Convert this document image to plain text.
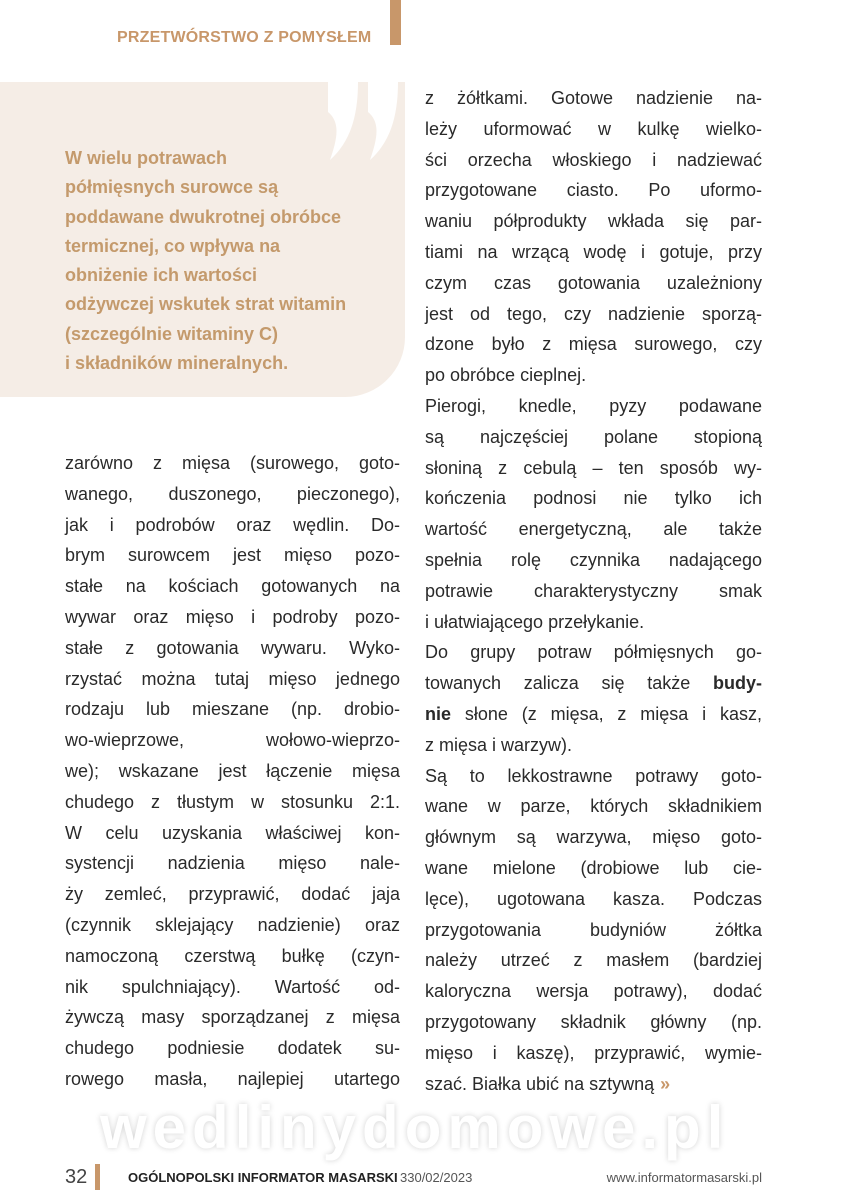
PRZETWÓRSTWO Z POMYSŁEM
W wielu potrawach
półmięsnych surowce są
poddawane dwukrotnej obróbce
termicznej, co wpływa na
obniżenie ich wartości
odżywczej wskutek strat witamin
(szczególnie witaminy C)
i składników mineralnych.
zarówno z mięsa (surowego, goto-
wanego, duszonego, pieczonego),
jak i podrobów oraz wędlin. Do-
brym surowcem jest mięso pozo-
stałe na kościach gotowanych na
wywar oraz mięso i podroby pozo-
stałe z gotowania wywaru. Wyko-
rzystać można tutaj mięso jednego
rodzaju lub mieszane (np. drobio-
wo-wieprzowe, wołowo-wieprzo-
we); wskazane jest łączenie mięsa
chudego z tłustym w stosunku 2:1.
W celu uzyskania właściwej kon-
systencji nadzienia mięso nale-
ży zemleć, przyprawić, dodać jaja
(czynnik sklejający nadzienie) oraz
namoczoną czerstwą bułkę (czyn-
nik spulchniający). Wartość od-
żywczą masy sporządzanej z mięsa
chudego podniesie dodatek su-
rowego masła, najlepiej utartego
z żółtkami. Gotowe nadzienie na-
leży uformować w kulkę wielko-
ści orzecha włoskiego i nadziewać
przygotowane ciasto. Po uformo-
waniu półprodukty wkłada się par-
tiami na wrzącą wodę i gotuje, przy
czym czas gotowania uzależniony
jest od tego, czy nadzienie sporzą-
dzone było z mięsa surowego, czy
po obróbce cieplnej.
Pierogi, knedle, pyzy podawane
są najczęściej polane stopioną
słoniną z cebulą – ten sposób wy-
kończenia podnosi nie tylko ich
wartość energetyczną, ale także
spełnia rolę czynnika nadającego
potrawie charakterystyczny smak
i ułatwiającego przełykanie.
Do grupy potraw półmięsnych go-
towanych zalicza się także budy-
nie słone (z mięsa, z mięsa i kasz,
z mięsa i warzyw).
Są to lekkostrawne potrawy goto-
wane w parze, których składnikiem
głównym są warzywa, mięso goto-
wane mielone (drobiowe lub cie-
lęce), ugotowana kasza. Podczas
przygotowania budyniów żółtka
należy utrzeć z masłem (bardziej
kaloryczna wersja potrawy), dodać
przygotowany składnik główny (np.
mięso i kaszę), przyprawić, wymie-
szać. Białka ubić na sztywną »
wedlinydomowe.pl
32	OGÓLNOPOLSKI INFORMATOR MASARSKI 330/02/2023	www.informatormasarski.pl
